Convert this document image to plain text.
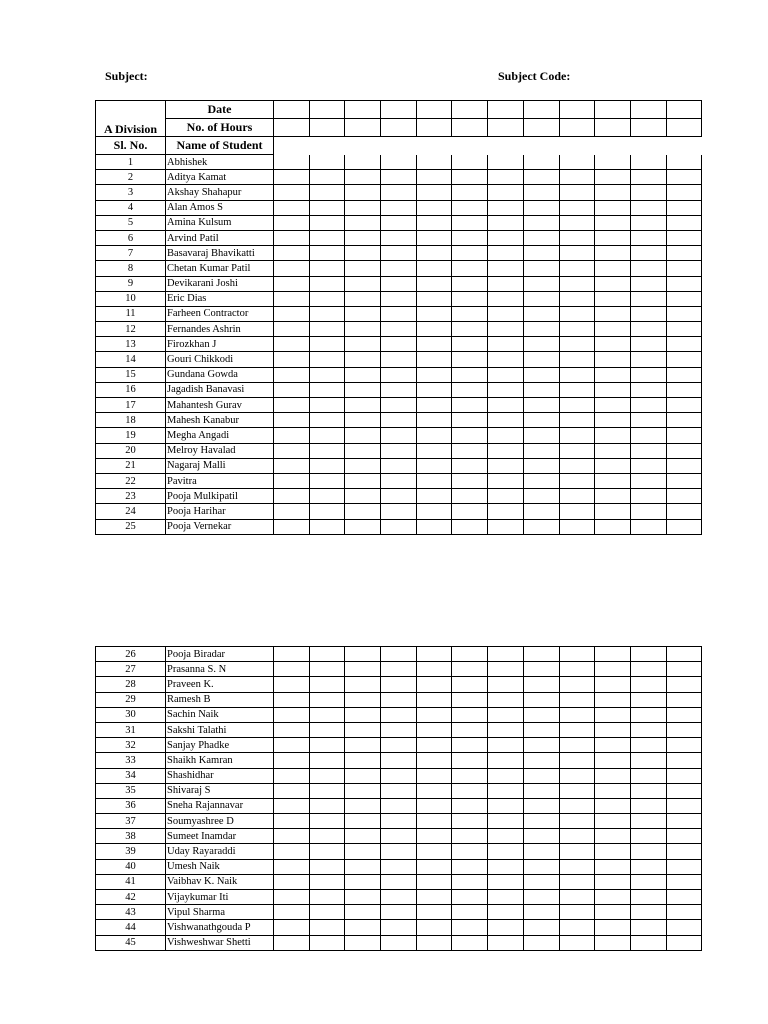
Subject:	Subject Code:
A Division	Date												
	No. of Hours												
Sl. No.	Name of Student												
1	Abhishek												
2	Aditya Kamat												
3	Akshay Shahapur												
4	Alan Amos S												
5	Amina Kulsum												
6	Arvind Patil												
7	Basavaraj Bhavikatti												
8	Chetan Kumar Patil												
9	Devikarani Joshi												
10	Eric Dias												
11	Farheen Contractor												
12	Fernandes Ashrin												
13	Firozkhan J												
14	Gouri Chikkodi												
15	Gundana Gowda												
16	Jagadish Banavasi												
17	Mahantesh Gurav												
18	Mahesh Kanabur												
19	Megha Angadi												
20	Melroy Havalad												
21	Nagaraj Malli												
22	Pavitra												
23	Pooja Mulkipatil												
24	Pooja Harihar												
25	Pooja Vernekar												
26	Pooja Biradar												
27	Prasanna S. N												
28	Praveen K.												
29	Ramesh B												
30	Sachin Naik												
31	Sakshi Talathi												
32	Sanjay Phadke												
33	Shaikh Kamran												
34	Shashidhar												
35	Shivaraj S												
36	Sneha Rajannavar												
37	Soumyashree D												
38	Sumeet Inamdar												
39	Uday Rayaraddi												
40	Umesh Naik												
41	Vaibhav K. Naik												
42	Vijaykumar Iti												
43	Vipul Sharma												
44	Vishwanathgouda P												
45	Vishweshwar Shetti												
